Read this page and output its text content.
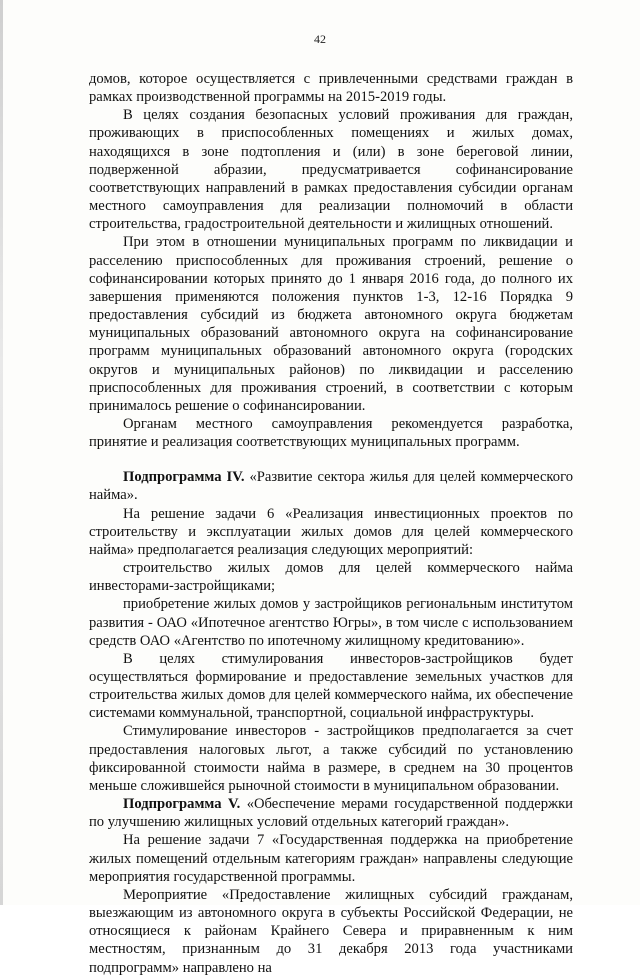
42

домов, которое осуществляется с привлеченными средствами граждан в рамках производственной программы на 2015-2019 годы.

В целях создания безопасных условий проживания для граждан, проживающих в приспособленных помещениях и жилых домах, находящихся в зоне подтопления и (или) в зоне береговой линии, подверженной абразии, предусматривается софинансирование соответствующих направлений в рамках предоставления субсидии органам местного самоуправления для реализации полномочий в области строительства, градостроительной деятельности и жилищных отношений.

При этом в отношении муниципальных программ по ликвидации и расселению приспособленных для проживания строений, решение о софинансировании которых принято до 1 января 2016 года, до полного их завершения применяются положения пунктов 1-3, 12-16 Порядка 9 предоставления субсидий из бюджета автономного округа бюджетам муниципальных образований автономного округа на софинансирование программ муниципальных образований автономного округа (городских округов и муниципальных районов) по ликвидации и расселению приспособленных для проживания строений, в соответствии с которым принималось решение о софинансировании.

Органам местного самоуправления рекомендуется разработка, принятие и реализация соответствующих муниципальных программ.

Подпрограмма IV. «Развитие сектора жилья для целей коммерческого найма».

На решение задачи 6 «Реализация инвестиционных проектов по строительству и эксплуатации жилых домов для целей коммерческого найма» предполагается реализация следующих мероприятий:

строительство жилых домов для целей коммерческого найма инвесторами-застройщиками;

приобретение жилых домов у застройщиков региональным институтом развития - ОАО «Ипотечное агентство Югры», в том числе с использованием средств ОАО «Агентство по ипотечному жилищному кредитованию».

В целях стимулирования инвесторов-застройщиков будет осуществляться формирование и предоставление земельных участков для строительства жилых домов для целей коммерческого найма, их обеспечение системами коммунальной, транспортной, социальной инфраструктуры.

Стимулирование инвесторов - застройщиков предполагается за счет предоставления налоговых льгот, а также субсидий по установлению фиксированной стоимости найма в размере, в среднем на 30 процентов меньше сложившейся рыночной стоимости в муниципальном образовании.

Подпрограмма V. «Обеспечение мерами государственной поддержки по улучшению жилищных условий отдельных категорий граждан».

На решение задачи 7 «Государственная поддержка на приобретение жилых помещений отдельным категориям граждан» направлены следующие мероприятия государственной программы.

Мероприятие «Предоставление жилищных субсидий гражданам, выезжающим из автономного округа в субъекты Российской Федерации, не относящиеся к районам Крайнего Севера и приравненным к ним местностям, признанным до 31 декабря 2013 года участниками подпрограмм» направлено на
